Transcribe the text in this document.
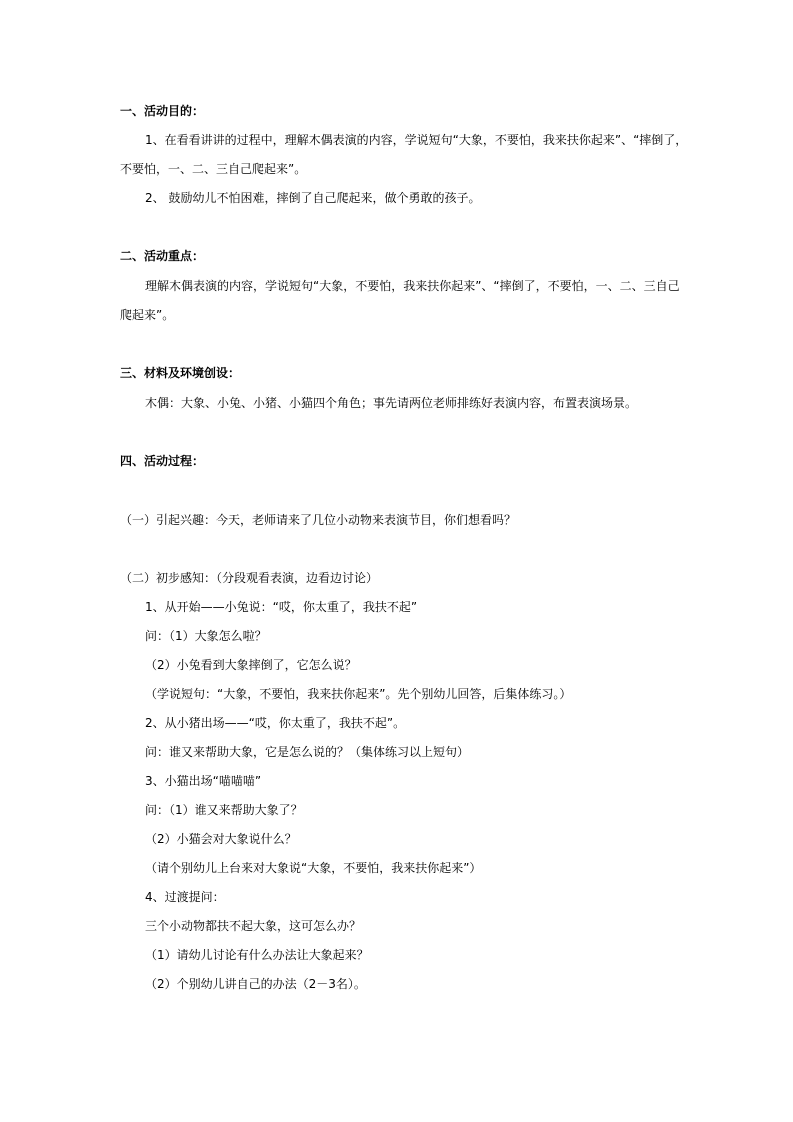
一、活动目的：
1、在看看讲讲的过程中，理解木偶表演的内容，学说短句“大象，不要怕，我来扶你起来”、“摔倒了，
不要怕，一、二、三自己爬起来”。
2、 鼓励幼儿不怕困难，摔倒了自己爬起来，做个勇敢的孩子。
二、活动重点：
理解木偶表演的内容，学说短句“大象，不要怕，我来扶你起来”、“摔倒了，不要怕，一、二、三自己
爬起来”。
三、材料及环境创设：
木偶：大象、小兔、小猪、小猫四个角色；事先请两位老师排练好表演内容，布置表演场景。
四、活动过程：
（一）引起兴趣：今天，老师请来了几位小动物来表演节目，你们想看吗？
（二）初步感知：（分段观看表演，边看边讨论）
1、从开始——小兔说：“哎，你太重了，我扶不起”
问：（1）大象怎么啦？
（2）小兔看到大象摔倒了，它怎么说？
（学说短句：“大象，不要怕，我来扶你起来”。先个别幼儿回答，后集体练习。）
2、从小猪出场——“哎，你太重了，我扶不起”。
问：谁又来帮助大象，它是怎么说的？（集体练习以上短句）
3、小猫出场“喵喵喵”
问：（1）谁又来帮助大象了？
（2）小猫会对大象说什么？
（请个别幼儿上台来对大象说“大象，不要怕，我来扶你起来”）
4、过渡提问：
三个小动物都扶不起大象，这可怎么办？
（1）请幼儿讨论有什么办法让大象起来？
（2）个别幼儿讲自己的办法（2－3名）。
